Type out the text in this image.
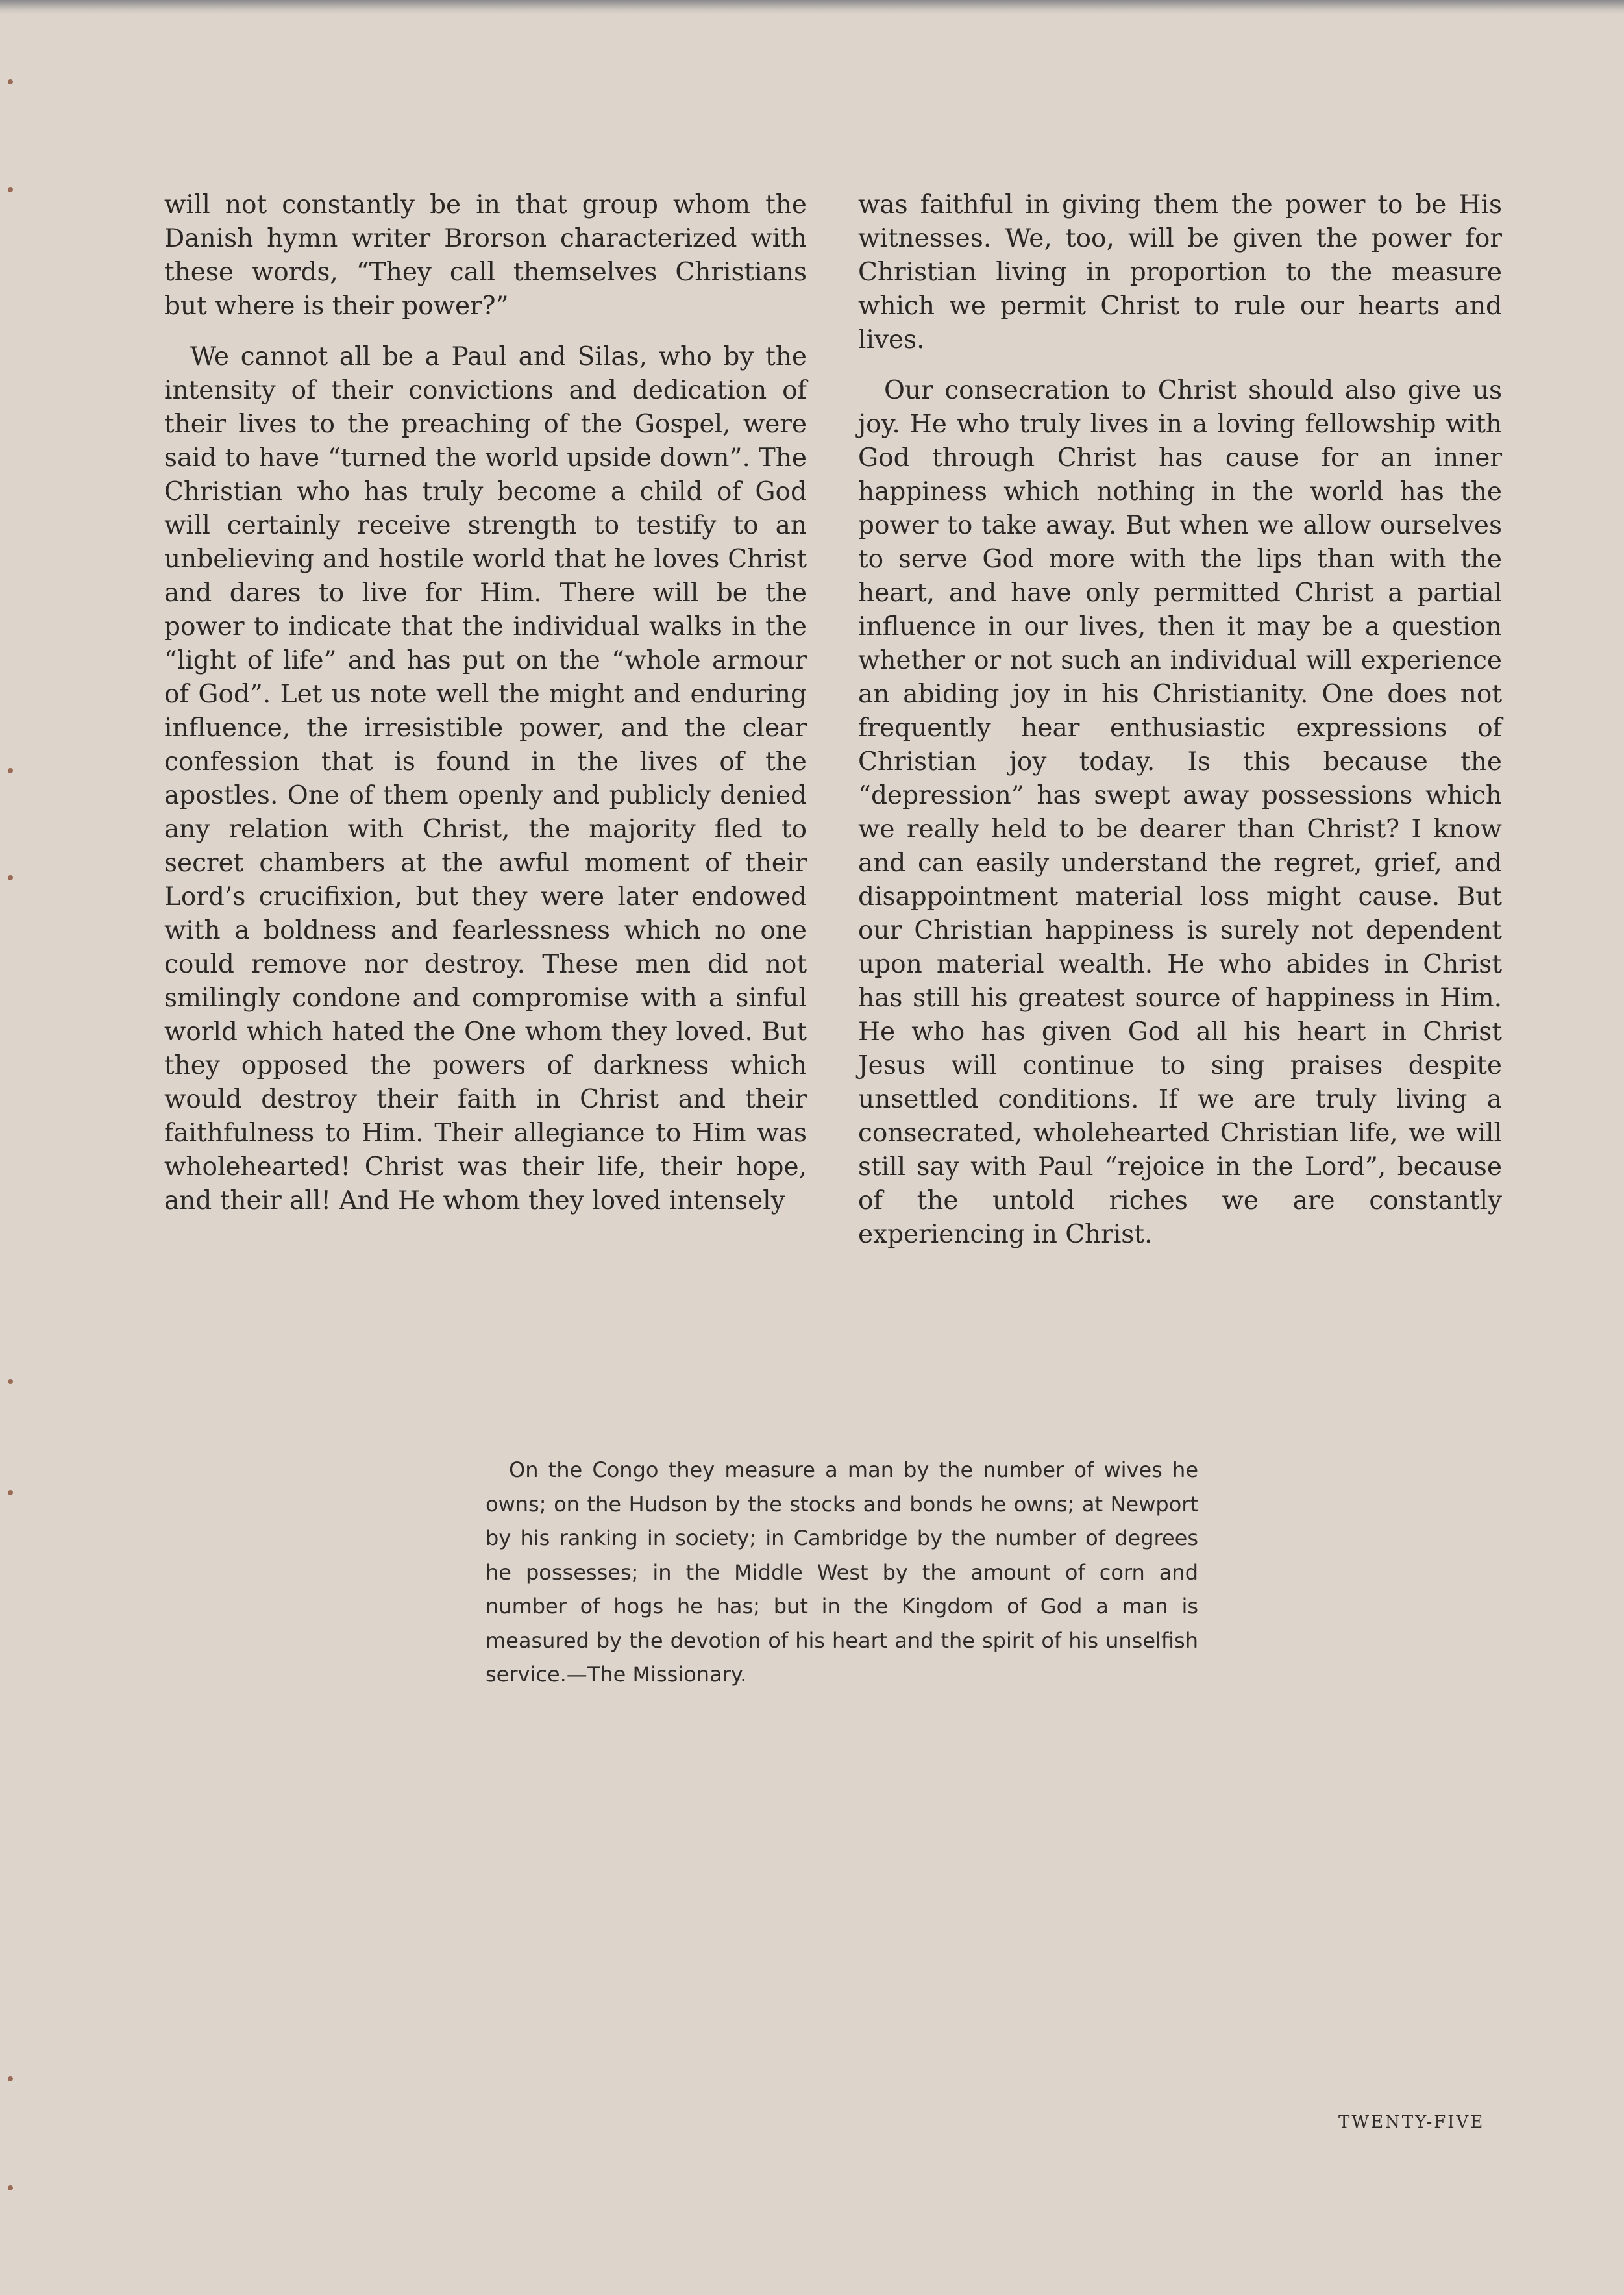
will not constantly be in that group whom the Danish hymn writer Brorson characterized with these words, “They call themselves Christians but where is their power?”

We cannot all be a Paul and Silas, who by the intensity of their convictions and dedication of their lives to the preaching of the Gospel, were said to have “turned the world upside down”. The Christian who has truly become a child of God will certainly receive strength to testify to an unbelieving and hostile world that he loves Christ and dares to live for Him. There will be the power to indicate that the individual walks in the “light of life” and has put on the “whole armour of God”. Let us note well the might and enduring influence, the irresistible power, and the clear confession that is found in the lives of the apostles. One of them openly and publicly denied any relation with Christ, the majority fled to secret chambers at the awful moment of their Lord’s crucifixion, but they were later endowed with a boldness and fearlessness which no one could remove nor destroy. These men did not smilingly condone and compromise with a sinful world which hated the One whom they loved. But they opposed the powers of darkness which would destroy their faith in Christ and their faithfulness to Him. Their allegiance to Him was wholehearted! Christ was their life, their hope, and their all! And He whom they loved intensely

was faithful in giving them the power to be His witnesses. We, too, will be given the power for Christian living in proportion to the measure which we permit Christ to rule our hearts and lives.

Our consecration to Christ should also give us joy. He who truly lives in a loving fellowship with God through Christ has cause for an inner happiness which nothing in the world has the power to take away. But when we allow ourselves to serve God more with the lips than with the heart, and have only permitted Christ a partial influence in our lives, then it may be a question whether or not such an individual will experience an abiding joy in his Christianity. One does not frequently hear enthusiastic expressions of Christian joy today. Is this because the “depression” has swept away possessions which we really held to be dearer than Christ? I know and can easily understand the regret, grief, and disappointment material loss might cause. But our Christian happiness is surely not dependent upon material wealth. He who abides in Christ has still his greatest source of happiness in Him. He who has given God all his heart in Christ Jesus will continue to sing praises despite unsettled conditions. If we are truly living a consecrated, wholehearted Christian life, we will still say with Paul “rejoice in the Lord”, because of the untold riches we are constantly experiencing in Christ.

On the Congo they measure a man by the number of wives he owns; on the Hudson by the stocks and bonds he owns; at Newport by his ranking in society; in Cambridge by the number of degrees he possesses; in the Middle West by the amount of corn and number of hogs he has; but in the Kingdom of God a man is measured by the devotion of his heart and the spirit of his unselfish service.—The Missionary.
TWENTY-FIVE
